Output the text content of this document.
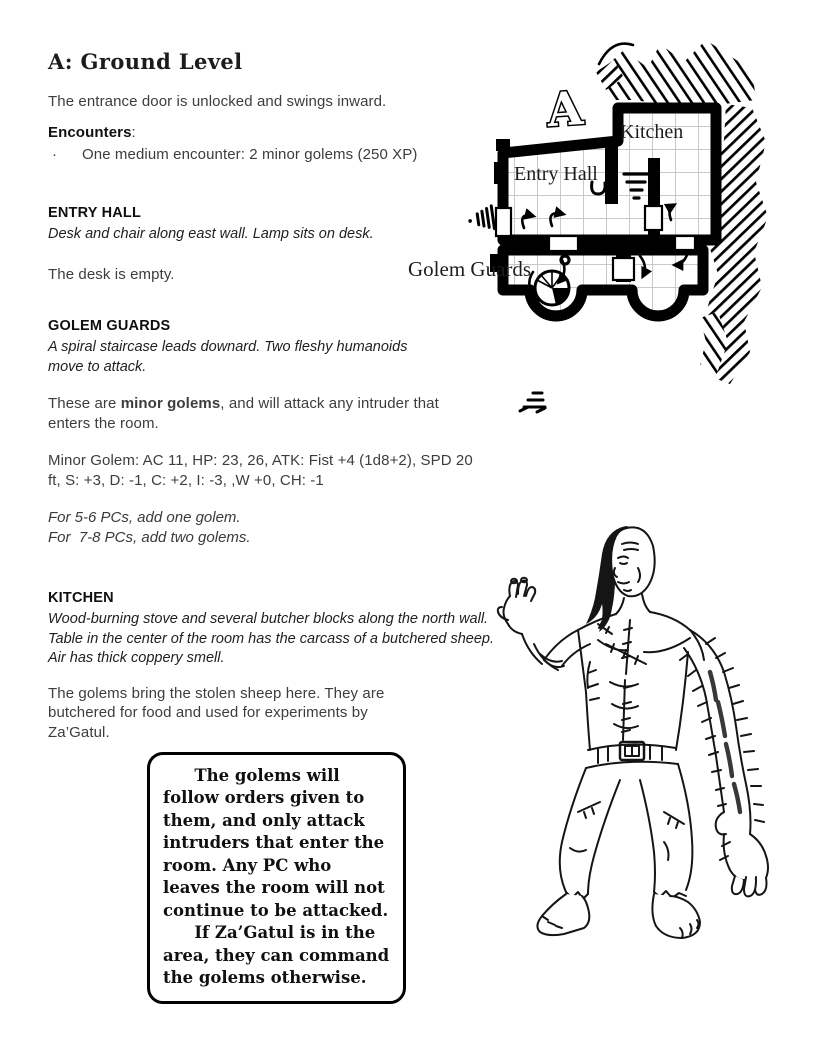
A: Ground Level
The entrance door is unlocked and swings inward.
Encounters:
·	One medium encounter: 2 minor golems (250 XP)
ENTRY HALL
Desk and chair along east wall. Lamp sits on desk.
The desk is empty.
GOLEM GUARDS
A spiral staircase leads downard. Two fleshy humanoids move to attack.
These are minor golems, and will attack any intruder that enters the room.
Minor Golem: AC 11, HP: 23, 26, ATK: Fist +4 (1d8+2), SPD 20 ft, S: +3, D: -1, C: +2, I: -3, ,W +0, CH: -1
For 5-6 PCs, add one golem.
For  7-8 PCs, add two golems.
KITCHEN
Wood-burning stove and several butcher blocks along the north wall. Table in the center of the room has the carcass of a butchered sheep. Air has thick coppery smell.
The golems bring the stolen sheep here. They are butchered for food and used for experiments by Za’Gatul.

The golems will follow orders given to them, and only attack intruders that enter the room. Any PC who leaves the room will not continue to be attacked.

If Za’Gatul is in the area, they can command the golems otherwise.

A Kitchen
Entry Hall
Golem Guards
